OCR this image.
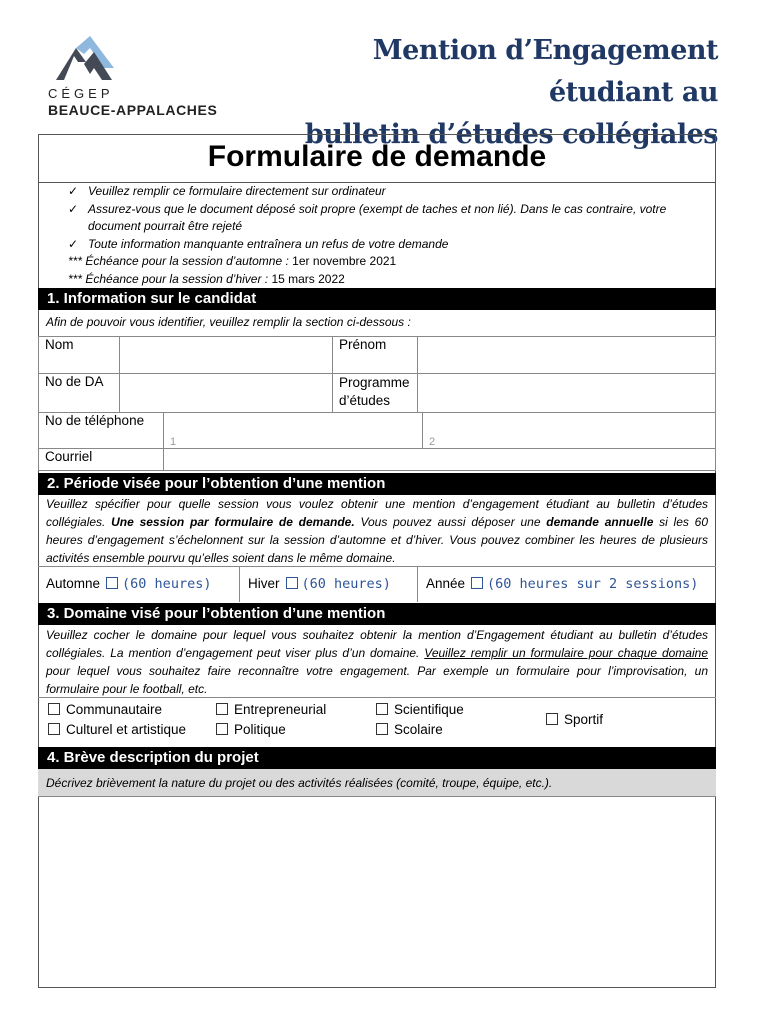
CÉGEP
BEAUCE-APPALACHES
Mention d’Engagement étudiant au
bulletin d’études collégiales
Formulaire de demande
✓ Veuillez remplir ce formulaire directement sur ordinateur
✓ Assurez-vous que le document déposé soit propre (exempt de taches et non lié). Dans le cas contraire, votre
document pourrait être rejeté
✓ Toute information manquante entraînera un refus de votre demande
*** Échéance pour la session d’automne : 1er novembre 2021
*** Échéance pour la session d’hiver : 15 mars 2022
1. Information sur le candidat
Afin de pouvoir vous identifier, veuillez remplir la section ci-dessous :
Nom		Prénom	
No de DA		Programme
d’études	

No de téléphone	1	2
Courriel		
2. Période visée pour l’obtention d’une mention
Veuillez spécifier pour quelle session vous voulez obtenir une mention d’engagement étudiant au bulletin d’études collégiales. Une session par formulaire de demande. Vous pouvez aussi déposer une demande annuelle si les 60 heures d’engagement s’échelonnent sur la session d’automne et d’hiver. Vous pouvez combiner les heures de plusieurs activités ensemble pourvu qu’elles soient dans le même domaine.
Automne (60 heures)	Hiver (60 heures)	Année (60 heures sur 2 sessions)
3. Domaine visé pour l’obtention d’une mention
Veuillez cocher le domaine pour lequel vous souhaitez obtenir la mention d’Engagement étudiant au bulletin d’études collégiales. La mention d’engagement peut viser plus d’un domaine. Veuillez remplir un formulaire pour chaque domaine pour lequel vous souhaitez faire reconnaître votre engagement. Par exemple un formulaire pour l’improvisation, un formulaire pour le football, etc.
Communautaire
Culturel et artistique
Entrepreneurial
Politique
Scientifique
Scolaire
Sportif
4. Brève description du projet
Décrivez brièvement la nature du projet ou des activités réalisées (comité, troupe, équipe, etc.).
